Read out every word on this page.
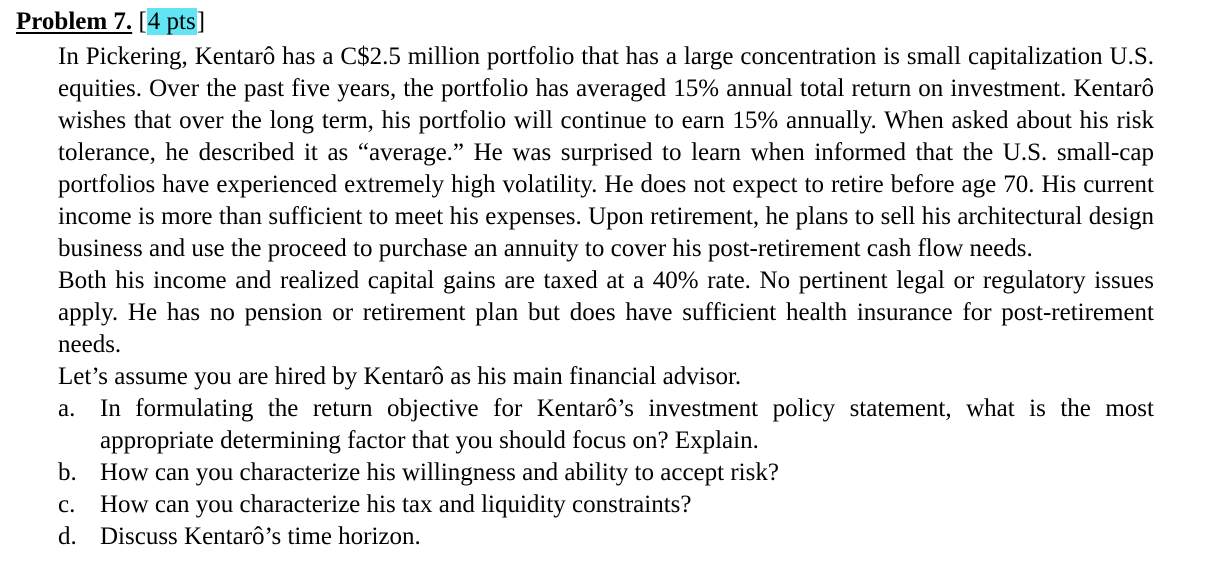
Problem 7. [4 pts]

In Pickering, Kentarô has a C$2.5 million portfolio that has a large concentration is small capitalization U.S. equities. Over the past five years, the portfolio has averaged 15% annual total return on investment. Kentarô wishes that over the long term, his portfolio will continue to earn 15% annually. When asked about his risk tolerance, he described it as “average.” He was surprised to learn when informed that the U.S. small-cap portfolios have experienced extremely high volatility. He does not expect to retire before age 70. His current income is more than sufficient to meet his expenses. Upon retirement, he plans to sell his architectural design business and use the proceed to purchase an annuity to cover his post-retirement cash flow needs.

Both his income and realized capital gains are taxed at a 40% rate. No pertinent legal or regulatory issues apply. He has no pension or retirement plan but does have sufficient health insurance for post-retirement needs.

Let’s assume you are hired by Kentarô as his main financial advisor.

a. In formulating the return objective for Kentarô’s investment policy statement, what is the most appropriate determining factor that you should focus on? Explain.
b. How can you characterize his willingness and ability to accept risk?
c. How can you characterize his tax and liquidity constraints?
d. Discuss Kentarô’s time horizon.
